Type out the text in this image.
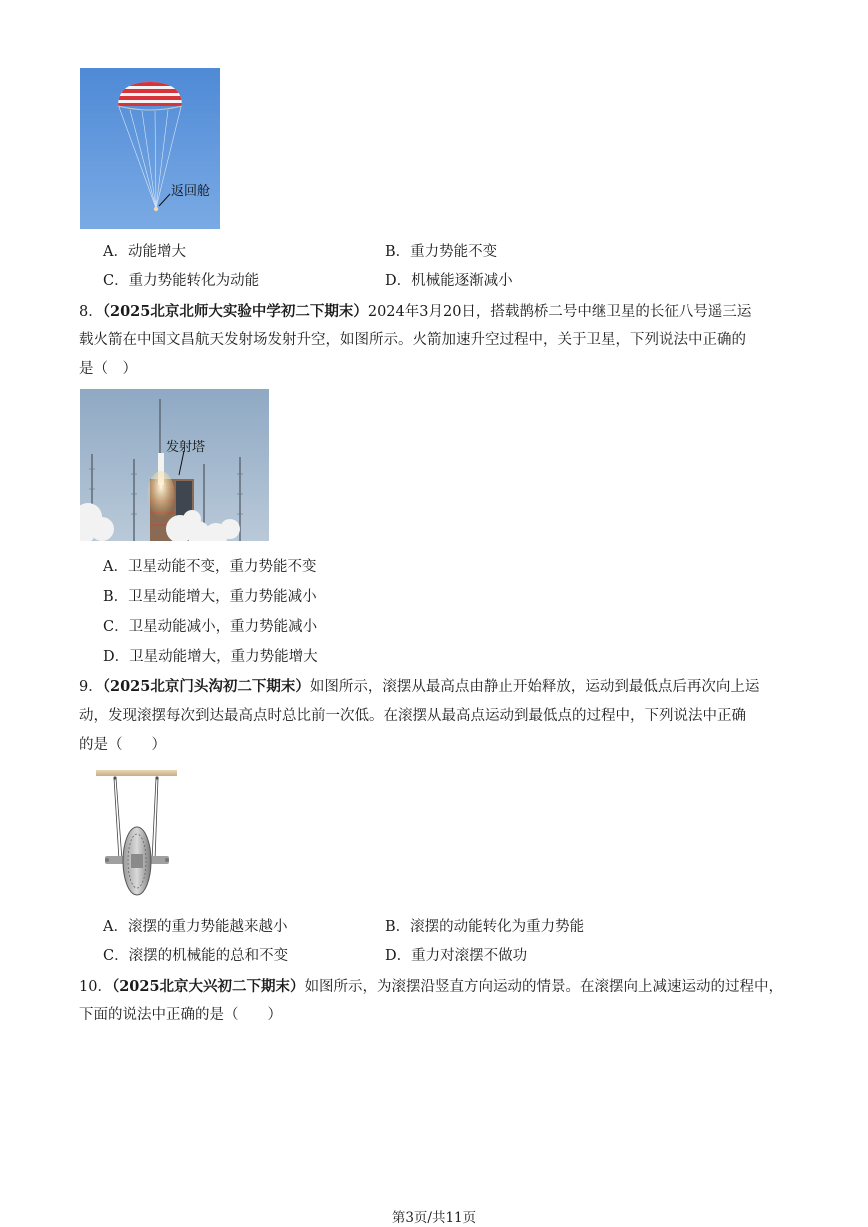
返回舱
A．动能增大	B．重力势能不变
C．重力势能转化为动能	D．机械能逐渐减小
8．（2025北京北师大实验中学初二下期末）2024年3月20日，搭载鹊桥二号中继卫星的长征八号遥三运
载火箭在中国文昌航天发射场发射升空，如图所示。火箭加速升空过程中，关于卫星，下列说法中正确的
是（　）
发射塔
A．卫星动能不变，重力势能不变
B．卫星动能增大，重力势能减小
C．卫星动能减小，重力势能减小
D．卫星动能增大，重力势能增大
9．（2025北京门头沟初二下期末）如图所示，滚摆从最高点由静止开始释放，运动到最低点后再次向上运
动，发现滚摆每次到达最高点时总比前一次低。在滚摆从最高点运动到最低点的过程中，下列说法中正确
的是（　　）
A．滚摆的重力势能越来越小	B．滚摆的动能转化为重力势能
C．滚摆的机械能的总和不变	D．重力对滚摆不做功
10．（2025北京大兴初二下期末）如图所示，为滚摆沿竖直方向运动的情景。在滚摆向上减速运动的过程中，
下面的说法中正确的是（　　）
第3页/共11页
